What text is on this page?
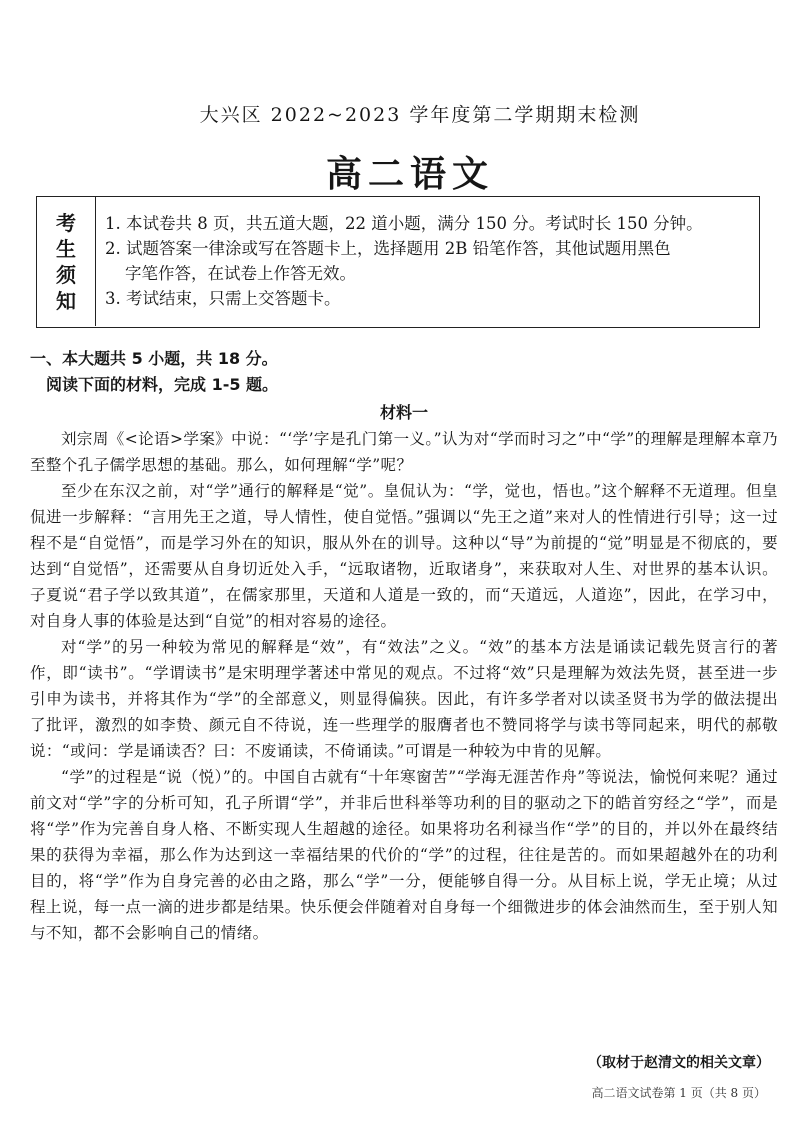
大兴区 2022~2023 学年度第二学期期末检测
高二语文
考
生
须
知
1. 本试卷共 8 页，共五道大题，22 道小题，满分 150 分。考试时长 150 分钟。
2. 试题答案一律涂或写在答题卡上，选择题用 2B 铅笔作答，其他试题用黑色
字笔作答，在试卷上作答无效。
3. 考试结束，只需上交答题卡。
一、本大题共 5 小题，共 18 分。
阅读下面的材料，完成 1-5 题。
材料一

刘宗周《<论语>学案》中说：“‘学’字是孔门第一义。”认为对“学而时习之”中“学”的理解是理解本章乃至整个孔子儒学思想的基础。那么，如何理解“学”呢？

至少在东汉之前，对“学”通行的解释是“觉”。皇侃认为：“学，觉也，悟也。”这个解释不无道理。但皇侃进一步解释：“言用先王之道，导人情性，使自觉悟。”强调以“先王之道”来对人的性情进行引导；这一过程不是“自觉悟”，而是学习外在的知识，服从外在的训导。这种以“导”为前提的“觉”明显是不彻底的，要达到“自觉悟”，还需要从自身切近处入手，“远取诸物，近取诸身”，来获取对人生、对世界的基本认识。子夏说“君子学以致其道”，在儒家那里，天道和人道是一致的，而“天道远，人道迩”，因此，在学习中，对自身人事的体验是达到“自觉”的相对容易的途径。

对“学”的另一种较为常见的解释是“效”，有“效法”之义。“效”的基本方法是诵读记载先贤言行的著作，即“读书”。“学谓读书”是宋明理学著述中常见的观点。不过将“效”只是理解为效法先贤，甚至进一步引申为读书，并将其作为“学”的全部意义，则显得偏狭。因此，有许多学者对以读圣贤书为学的做法提出了批评，激烈的如李贽、颜元自不待说，连一些理学的服膺者也不赞同将学与读书等同起来，明代的郝敬说：“或问：学是诵读否？曰：不废诵读，不倚诵读。”可谓是一种较为中肯的见解。

“学”的过程是“说（悦）”的。中国自古就有“十年寒窗苦”“学海无涯苦作舟”等说法，愉悦何来呢？通过前文对“学”字的分析可知，孔子所谓“学”，并非后世科举等功利的目的驱动之下的皓首穷经之“学”，而是将“学”作为完善自身人格、不断实现人生超越的途径。如果将功名利禄当作“学”的目的，并以外在最终结果的获得为幸福，那么作为达到这一幸福结果的代价的“学”的过程，往往是苦的。而如果超越外在的功利目的，将“学”作为自身完善的必由之路，那么“学”一分，便能够自得一分。从目标上说，学无止境；从过程上说，每一点一滴的进步都是结果。快乐便会伴随着对自身每一个细微进步的体会油然而生，至于别人知与不知，都不会影响自己的情绪。

（取材于赵清文的相关文章）
高二语文试卷第 1 页（共 8 页）
